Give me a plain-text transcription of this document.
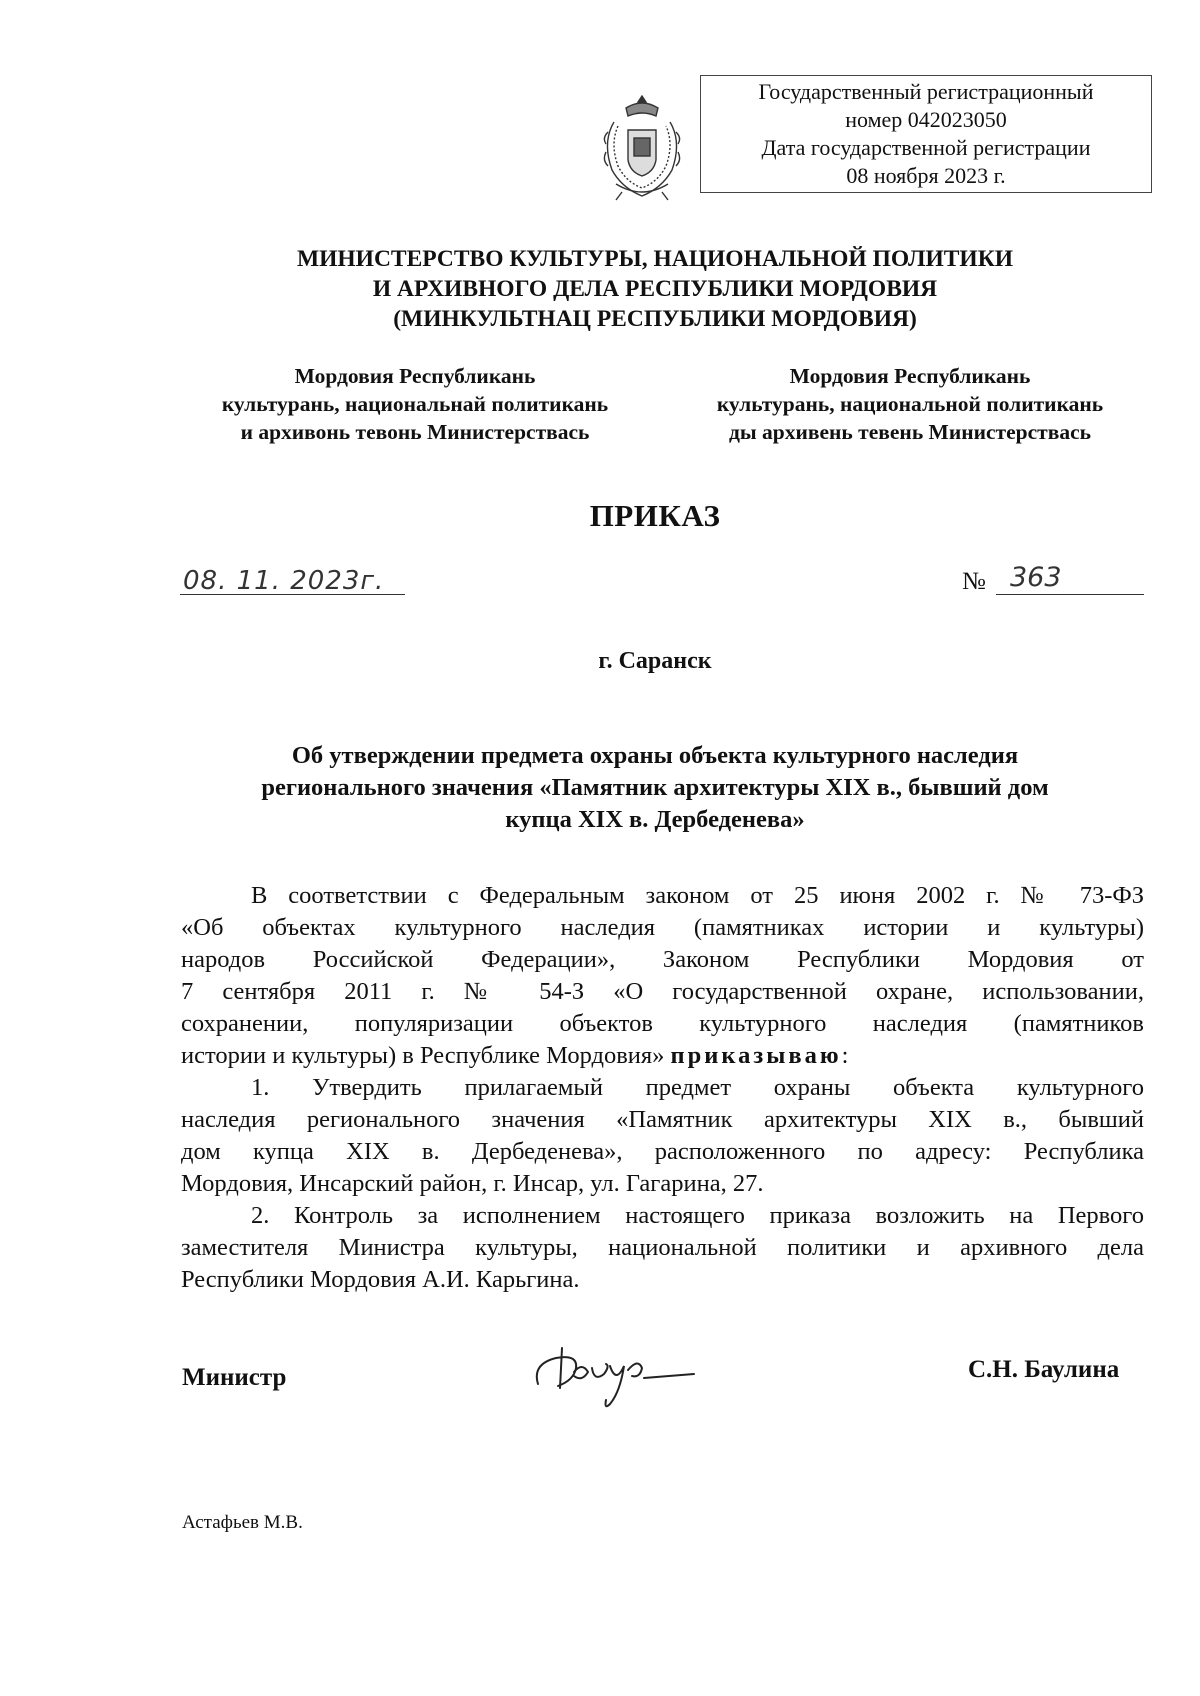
Государственный регистрационный
номер 042023050
Дата государственной регистрации
08 ноября 2023 г.
МИНИСТЕРСТВО КУЛЬТУРЫ, НАЦИОНАЛЬНОЙ ПОЛИТИКИ
И АРХИВНОГО ДЕЛА РЕСПУБЛИКИ МОРДОВИЯ
(МИНКУЛЬТНАЦ РЕСПУБЛИКИ МОРДОВИЯ)
Мордовия Республикань
культурань, национальнай политикань
и архивонь тевонь Министерствась
Мордовия Республикань
культурань, национальной политикань
ды архивень тевень Министерствась
ПРИКАЗ
08. 11. 2023г.	№ 363
г. Саранск
Об утверждении предмета охраны объекта культурного наследия
регионального значения «Памятник архитектуры XIX в., бывший дом
купца XIX в. Дербеденева»
В соответствии с Федеральным законом от 25 июня 2002 г. № 73-ФЗ
«Об объектах культурного наследия (памятниках истории и культуры)
народов Российской Федерации», Законом Республики Мордовия от
7 сентября 2011 г. № 54-З «О государственной охране, использовании,
сохранении, популяризации объектов культурного наследия (памятников
истории и культуры) в Республике Мордовия» приказываю:
1. Утвердить прилагаемый предмет охраны объекта культурного
наследия регионального значения «Памятник архитектуры XIX в., бывший
дом купца XIX в. Дербеденева», расположенного по адресу: Республика
Мордовия, Инсарский район, г. Инсар, ул. Гагарина, 27.
2. Контроль за исполнением настоящего приказа возложить на Первого
заместителя Министра культуры, национальной политики и архивного дела
Республики Мордовия А.И. Карьгина.
Министр	С.Н. Баулина
Астафьев М.В.
